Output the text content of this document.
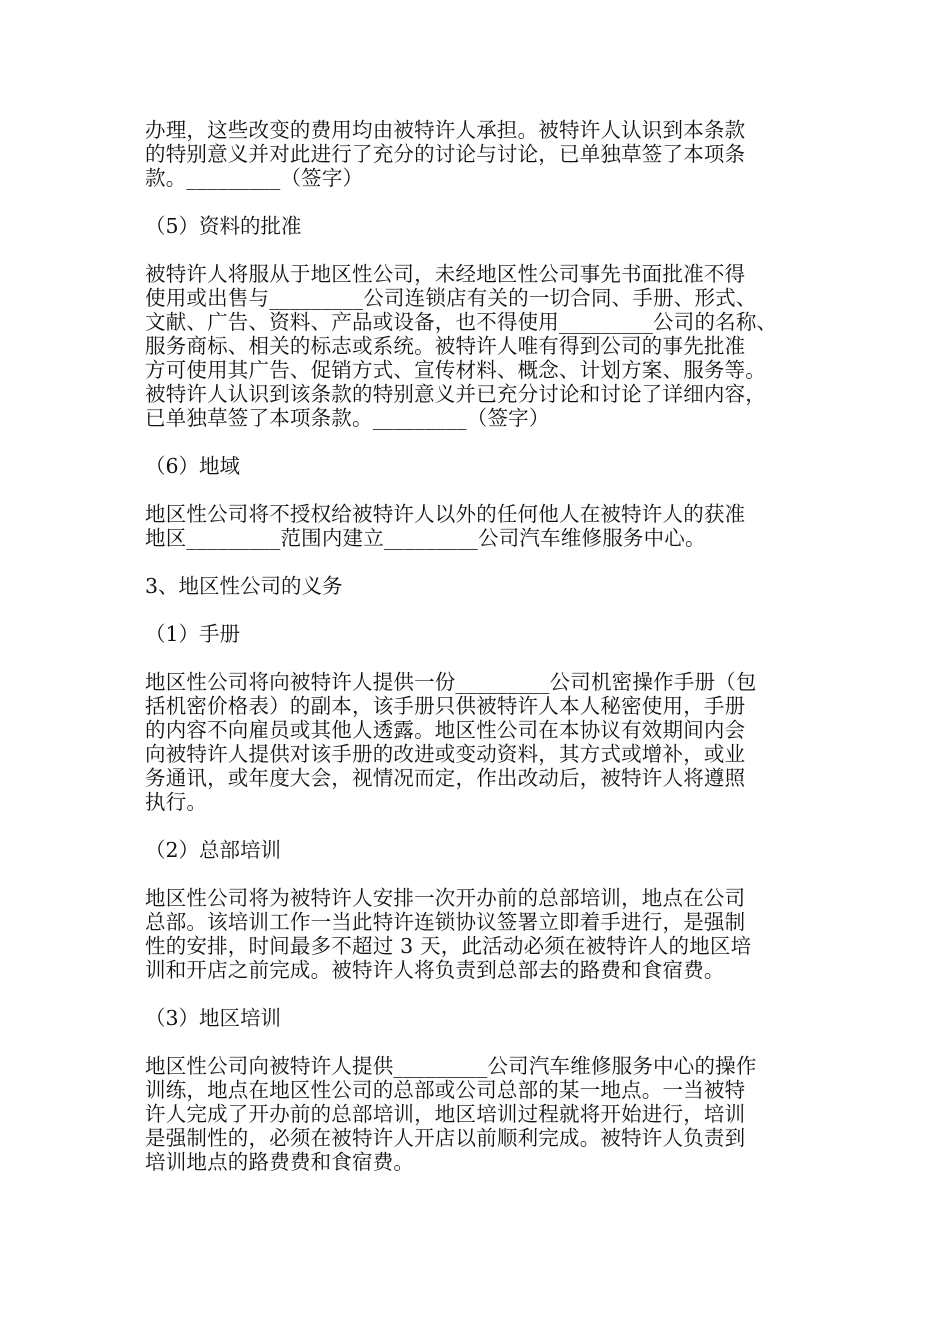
办理，这些改变的费用均由被特许人承担。被特许人认识到本条款
的特别意义并对此进行了充分的讨论与讨论，已单独草签了本项条
款。_________（签字）
（5）资料的批准
被特许人将服从于地区性公司，未经地区性公司事先书面批准不得
使用或出售与_________公司连锁店有关的一切合同、手册、形式、
文献、广告、资料、产品或设备，也不得使用_________公司的名称、
服务商标、相关的标志或系统。被特许人唯有得到公司的事先批准
方可使用其广告、促销方式、宣传材料、概念、计划方案、服务等。
被特许人认识到该条款的特别意义并已充分讨论和讨论了详细内容，
已单独草签了本项条款。_________（签字）
（6）地域
地区性公司将不授权给被特许人以外的任何他人在被特许人的获准
地区_________范围内建立_________公司汽车维修服务中心。
3、地区性公司的义务
（1）手册
地区性公司将向被特许人提供一份_________公司机密操作手册（包
括机密价格表）的副本，该手册只供被特许人本人秘密使用，手册
的内容不向雇员或其他人透露。地区性公司在本协议有效期间内会
向被特许人提供对该手册的改进或变动资料，其方式或增补，或业
务通讯，或年度大会，视情况而定，作出改动后，被特许人将遵照
执行。
（2）总部培训
地区性公司将为被特许人安排一次开办前的总部培训，地点在公司
总部。该培训工作一当此特许连锁协议签署立即着手进行，是强制
性的安排，时间最多不超过 3 天，此活动必须在被特许人的地区培
训和开店之前完成。被特许人将负责到总部去的路费和食宿费。
（3）地区培训
地区性公司向被特许人提供_________公司汽车维修服务中心的操作
训练，地点在地区性公司的总部或公司总部的某一地点。一当被特
许人完成了开办前的总部培训，地区培训过程就将开始进行，培训
是强制性的，必须在被特许人开店以前顺利完成。被特许人负责到
培训地点的路费费和食宿费。
